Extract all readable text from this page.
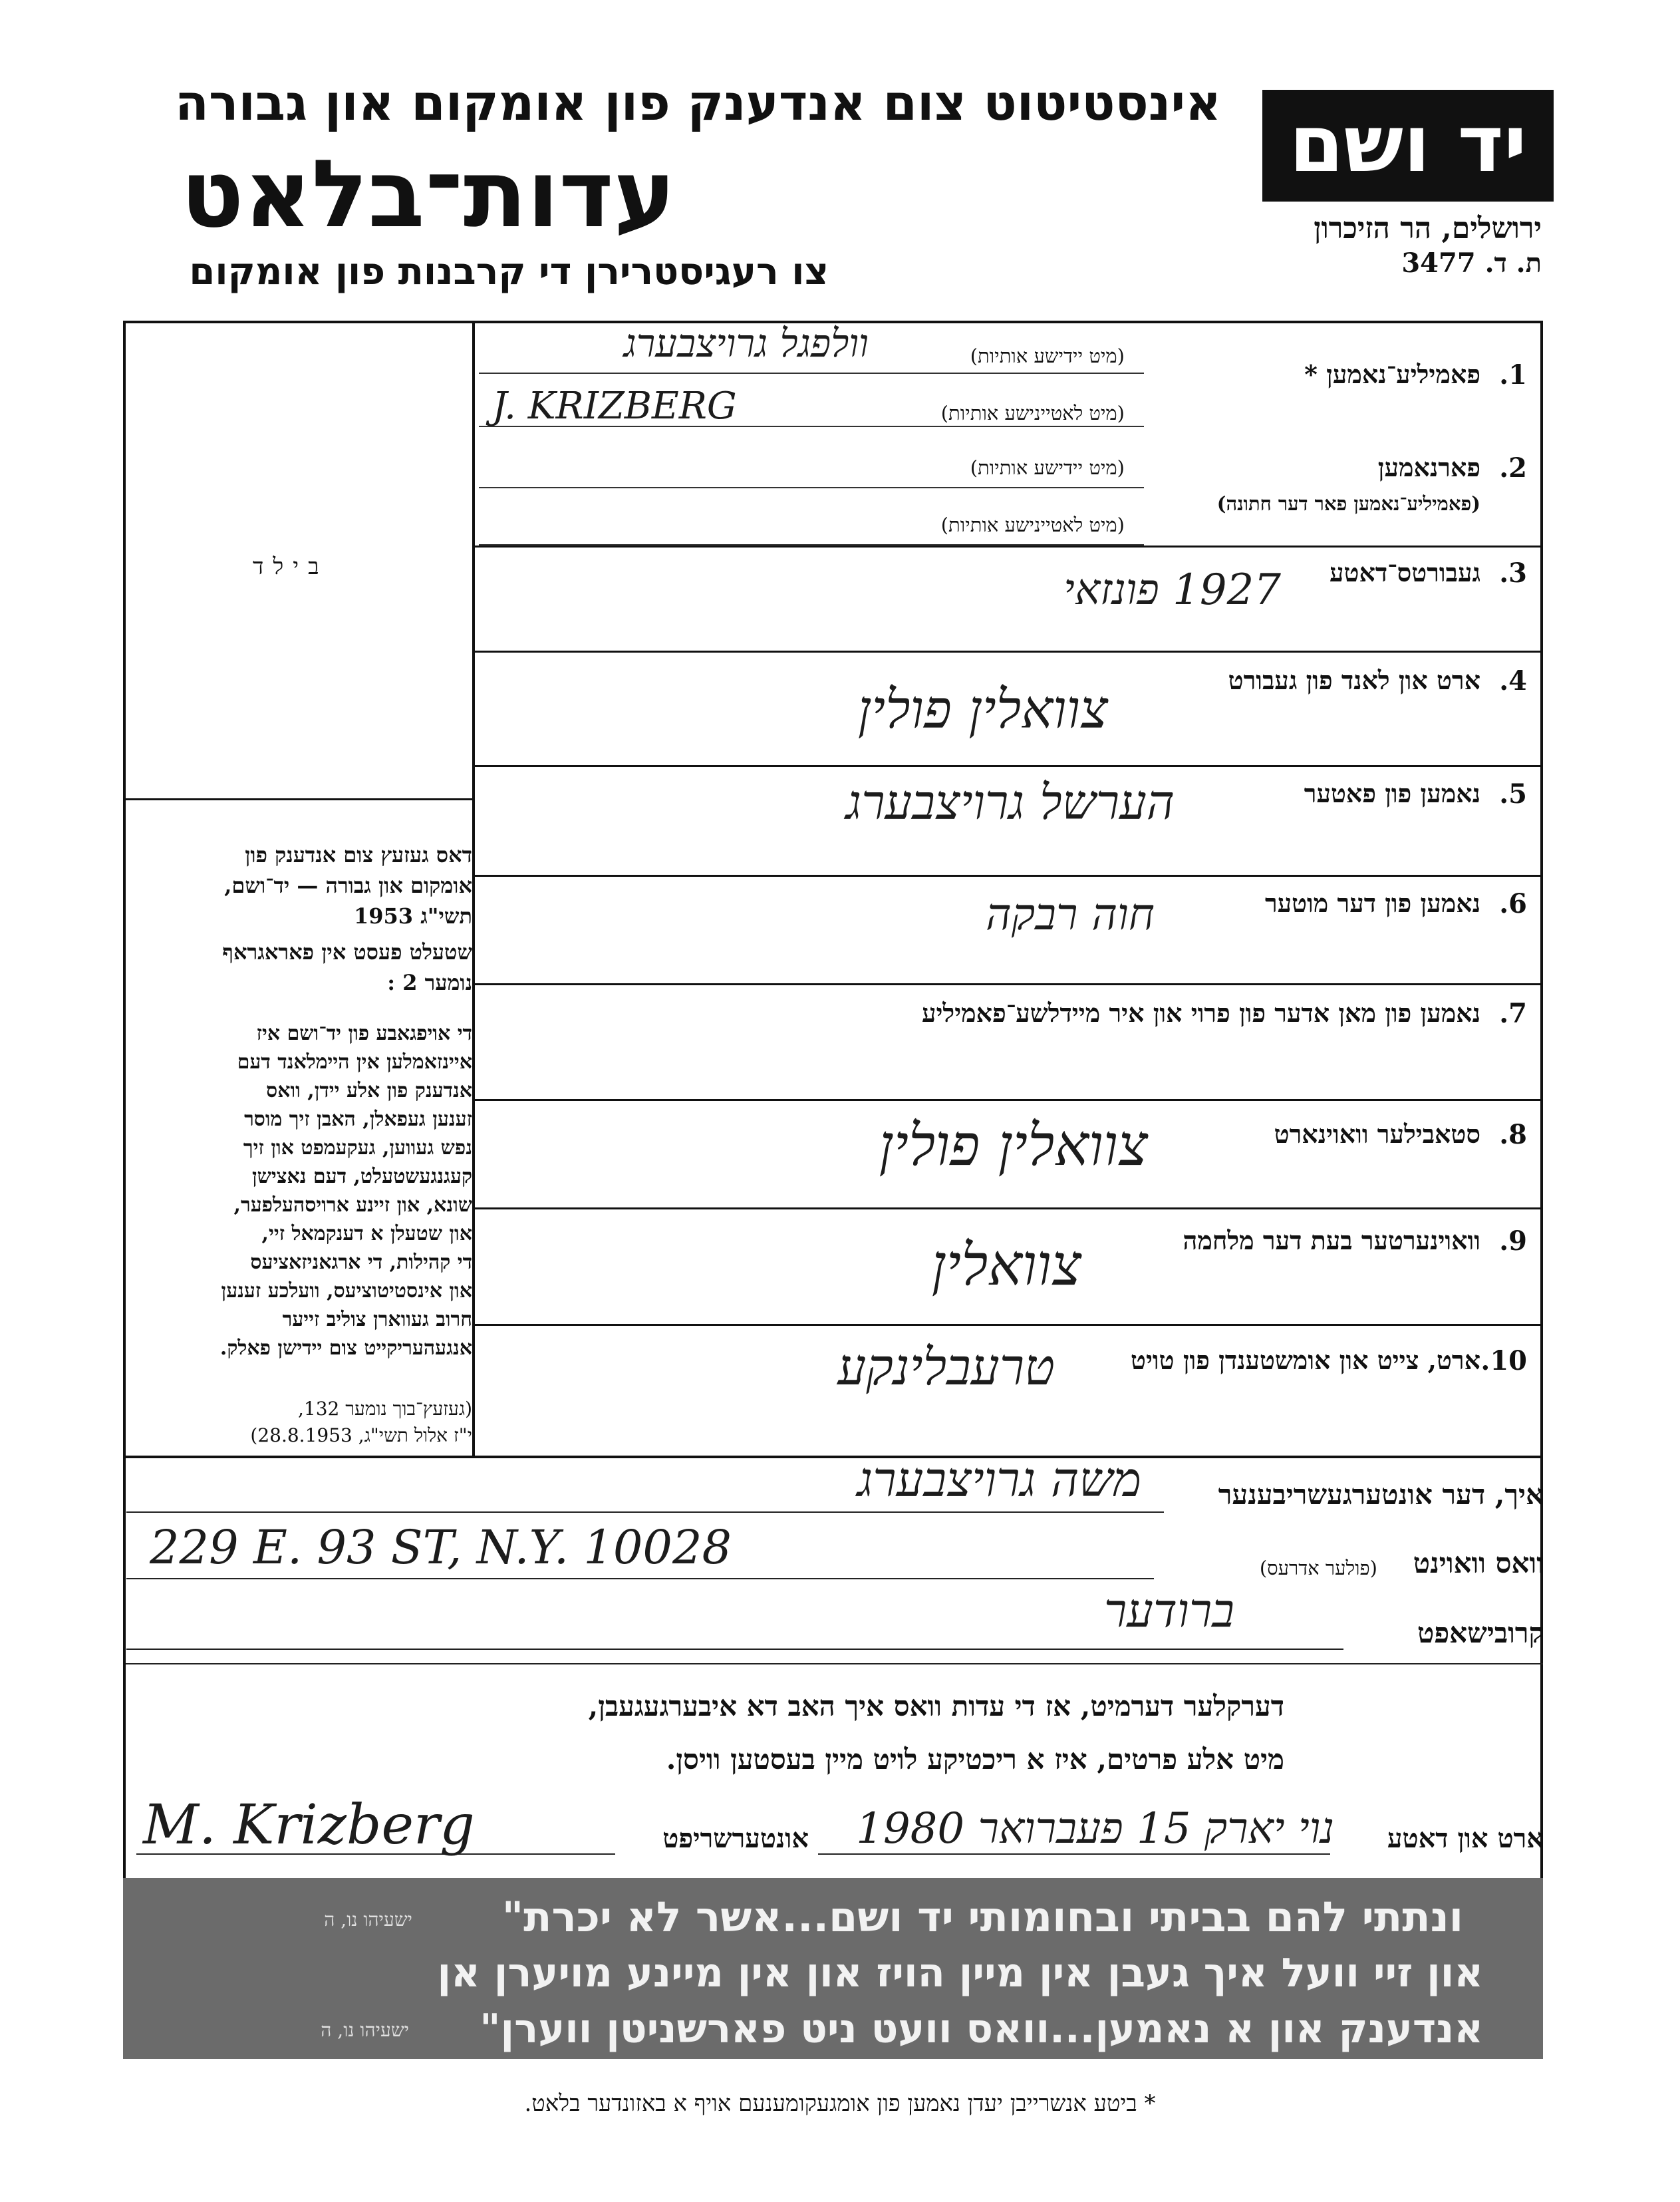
יד ושם
אינסטיטוט צום אנדענק פון אומקום און גבורה
עדות־בלאט
צו רעגיסטרירן די קרבנות פון אומקום
ירושלים, הר הזיכרון
ת. ד. 3477
בילד
דאס געזעץ צום אנדענק פון
אומקום און גבורה — יד־ושם,
תשי"ג 1953
שטעלט פעסט אין פאראגראף
נומער 2 :
די אויפגאבע פון יד־ושם איז
איינזאמלען אין היימלאנד דעם
אנדענק פון אלע יידן, וואס
זענען געפאלן, האבן זיך מוסר
נפש געווען, געקעמפט און זיך
קעגנגעשטעלט, דעם נאצישן
שונא, און זיינע ארויסהעלפער,
און שטעלן א דענקמאל זיי,
די קהילות, די ארגאניזאציעס
און אינסטיטוציעס, וועלכע זענען
חרוב געווארן צוליב זייער
אנגעהעריקייט צום יידישן פאלק.
(געזעץ־בוך נומער 132,
י"ז אלול תשי"ג, 28.8.1953)
1.
פאמיליע־נאמען *
(מיט יידישע אותיות)
(מיט לאטיינישע אותיות)
וולפגל גרויצבערג
J. KRIZBERG
2.
פארנאמען
(פאמיליע־נאמען פאר דער חתונה)
(מיט יידישע אותיות)
(מיט לאטיינישע אותיות)
3.
געבורטס־דאטע
1927 פונזאי
4.
ארט און לאנד פון געבורט
צוואלין פולין
5.
נאמען פון פאטער
הערשל גרויצבערג
6.
נאמען פון דער מוטער
חוה רבקה
7.
נאמען פון מאן אדער פון פרוי און איר מיידלשע־פאמיליע
8.
סטאבילער וואוינארט
צוואלין פולין
9.
וואוינערטער בעת דער מלחמה
צוואלין
10.
ארט, צייט און אומשטענדן פון טויט
טרעבלינקע
איך, דער אונטערגעשריבענער
משה גרויצבערג
וואס וואוינט
(פולער אדרעס)
229 E. 93 ST, N.Y. 10028
קרובישאפט
ברודער
דערקלער דערמיט, אז די עדות וואס איך האב דא איבערגעגעבן,
מיט אלע פרטים, איז א ריכטיקע לויט מיין בעסטען וויסן.
ארט און דאטע
נוי יארק 15 פעברואר 1980
אונטערשריפט
M. Krizberg
ונתתי להם בביתי ובחומותי יד ושם...אשר לא יכרת"
ישעיהו נו, ה
און זיי וועל איך געבן אין מיין הויז און אין מיינע מויערן אן
אנדענק און א נאמען...וואס וועט ניט פארשניטן ווערן"
ישעיהו נו, ה
* ביטע אנשרייבן יעדן נאמען פון אומגעקומענעם אויף א באזונדער בלאט.
